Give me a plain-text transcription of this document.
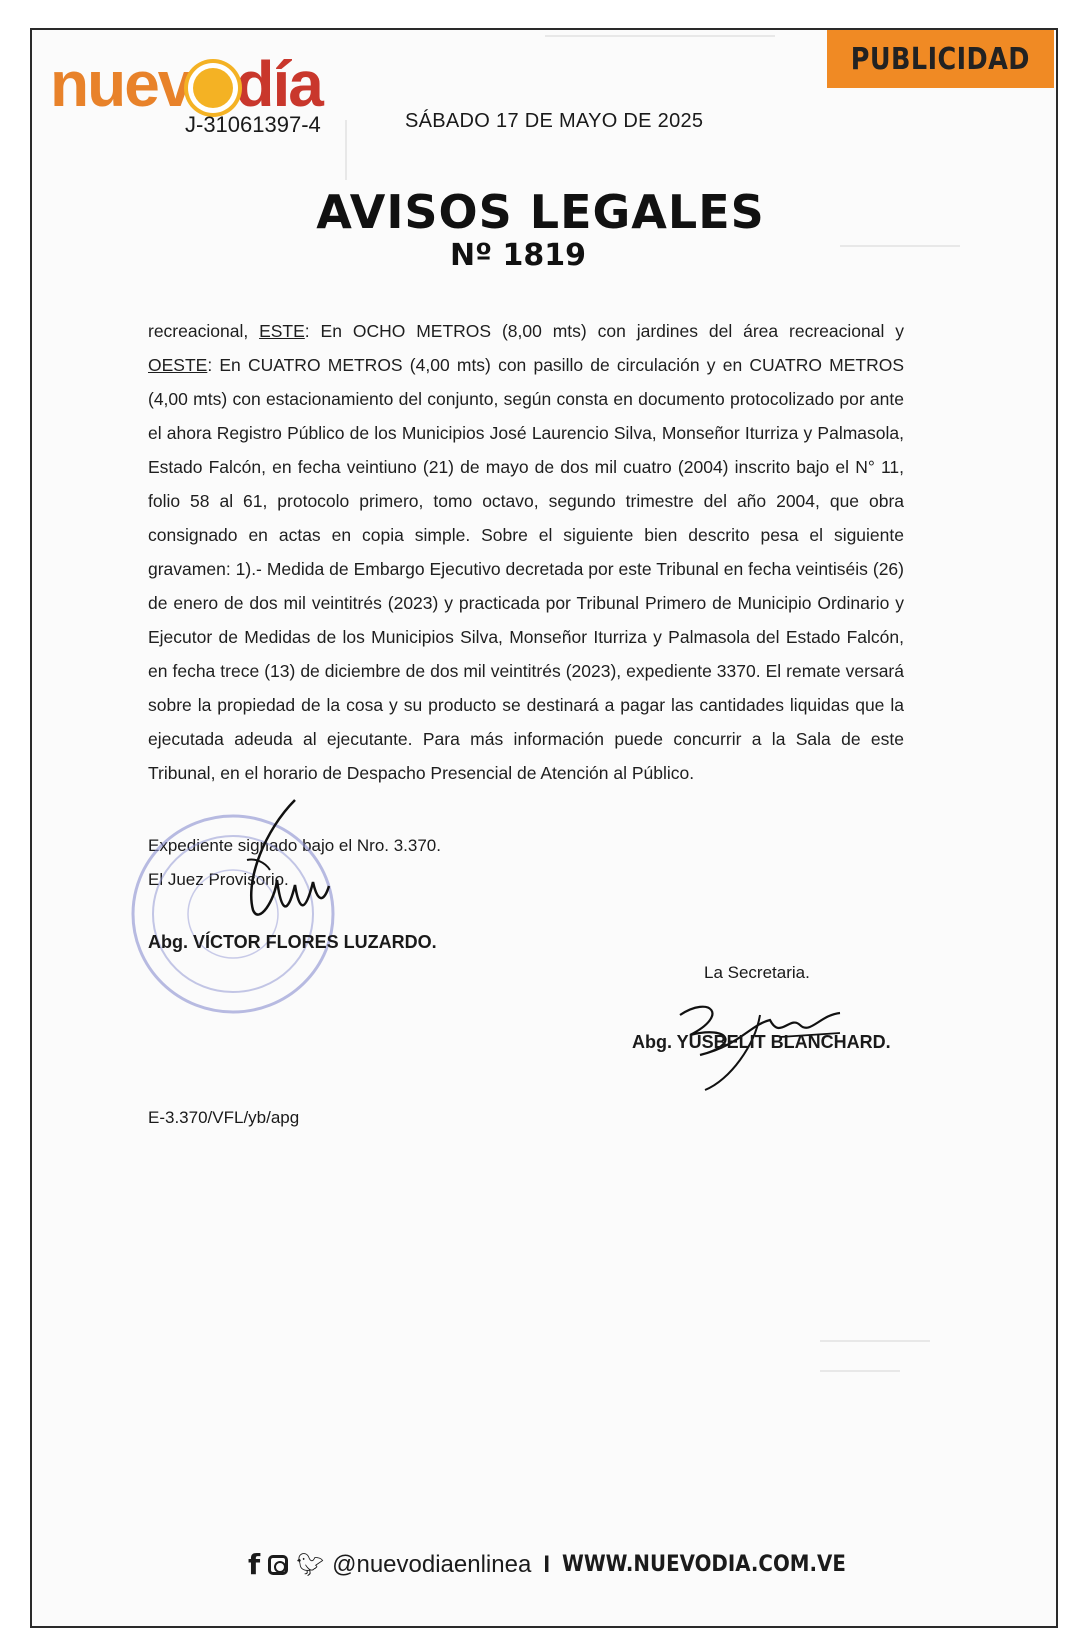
nuev día
J-31061397-4	SÁBADO 17 DE MAYO DE 2025
PUBLICIDAD
AVISOS LEGALES
Nº 1819

recreacional, ESTE: En OCHO METROS (8,00 mts) con jardines del área recreacional y

OESTE: En CUATRO METROS (4,00 mts) con pasillo de circulación y en CUATRO METROS (4,00 mts) con estacionamiento del conjunto, según consta en documento protocolizado por ante el ahora Registro Público de los Municipios José Laurencio Silva, Monseñor Iturriza y Palmasola, Estado Falcón, en fecha veintiuno (21) de mayo de dos mil cuatro (2004) inscrito bajo el N° 11, folio 58 al 61, protocolo primero, tomo octavo, segundo trimestre del año 2004, que obra consignado en actas en copia simple. Sobre el siguiente bien descrito pesa el siguiente gravamen: 1).- Medida de Embargo Ejecutivo decretada por este Tribunal en fecha veintiséis (26) de enero de dos mil veintitrés (2023) y practicada por Tribunal Primero de Municipio Ordinario y Ejecutor de Medidas de los Municipios Silva, Monseñor Iturriza y Palmasola del Estado Falcón, en fecha trece (13) de diciembre de dos mil veintitrés (2023), expediente 3370. El remate versará sobre la propiedad de la cosa y su producto se destinará a pagar las cantidades liquidas que la ejecutada adeuda al ejecutante. Para más información puede concurrir a la Sala de este Tribunal, en el horario de Despacho Presencial de Atención al Público.

Expediente signado bajo el Nro. 3.370.
El Juez Provisorio.
Abg. VÍCTOR FLORES LUZARDO.
La Secretaria.
Abg. YUSBELIT BLANCHARD.
E-3.370/VFL/yb/apg
f 🐦︎ @nuevodiaenlinea I WWW.NUEVODIA.COM.VE
